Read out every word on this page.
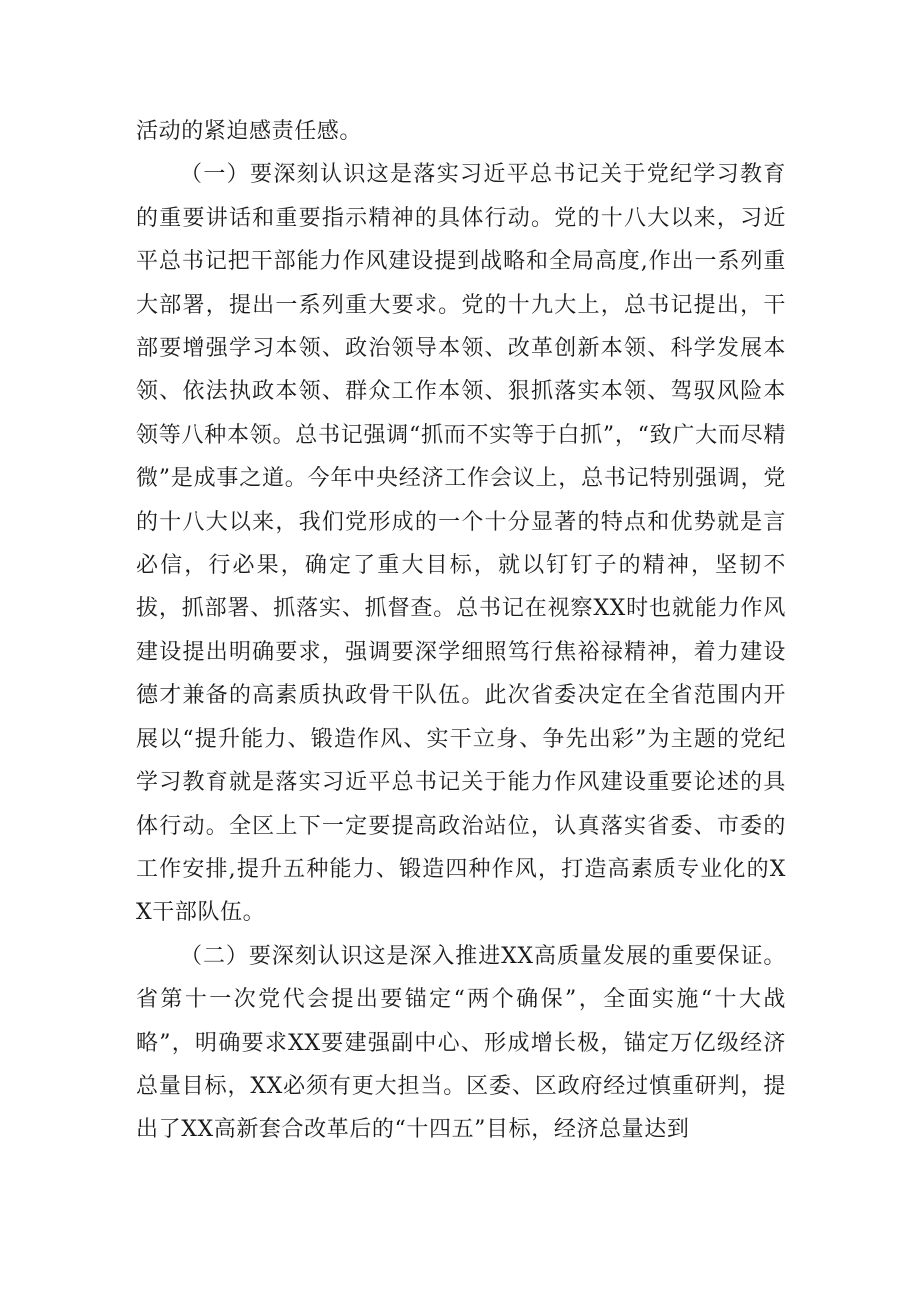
活动的紧迫感责任感。

（一）要深刻认识这是落实习近平总书记关于党纪学习教育的重要讲话和重要指示精神的具体行动。党的十八大以来，习近平总书记把干部能力作风建设提到战略和全局高度,作出一系列重大部署，提出一系列重大要求。党的十九大上，总书记提出，干部要增强学习本领、政治领导本领、改革创新本领、科学发展本领、依法执政本领、群众工作本领、狠抓落实本领、驾驭风险本领等八种本领。总书记强调“抓而不实等于白抓”，“致广大而尽精微”是成事之道。今年中央经济工作会议上，总书记特别强调，党的十八大以来，我们党形成的一个十分显著的特点和优势就是言必信，行必果，确定了重大目标，就以钉钉子的精神，坚韧不拔，抓部署、抓落实、抓督查。总书记在视察XX时也就能力作风建设提出明确要求，强调要深学细照笃行焦裕禄精神，着力建设德才兼备的高素质执政骨干队伍。此次省委决定在全省范围内开展以“提升能力、锻造作风、实干立身、争先出彩”为主题的党纪学习教育就是落实习近平总书记关于能力作风建设重要论述的具体行动。全区上下一定要提高政治站位，认真落实省委、市委的工作安排,提升五种能力、锻造四种作风，打造高素质专业化的XX干部队伍。

（二）要深刻认识这是深入推进XX高质量发展的重要保证。省第十一次党代会提出要锚定“两个确保”，全面实施“十大战略”，明确要求XX要建强副中心、形成增长极，锚定万亿级经济总量目标，XX必须有更大担当。区委、区政府经过慎重研判，提出了XX高新套合改革后的“十四五”目标，经济总量达到
